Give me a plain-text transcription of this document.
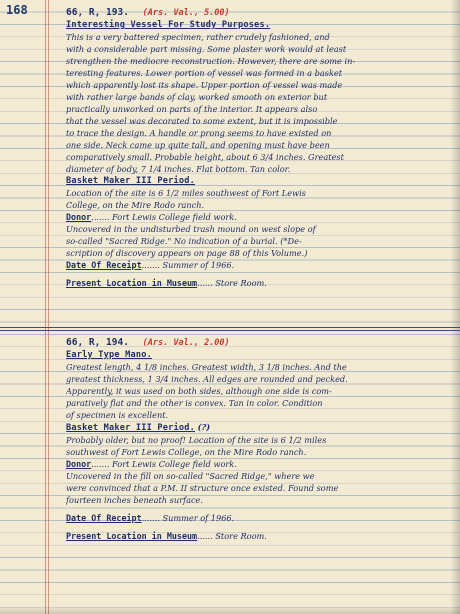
168	66, R, 193. (Ars. Val., 5.00)
Interesting Vessel For Study Purposes.
This is a very battered specimen, rather crudely fashioned, and
with a considerable part missing. Some plaster work would at least
strengthen the mediocre reconstruction. However, there are some in-
teresting features. Lower portion of vessel was formed in a basket
which apparently lost its shape. Upper portion of vessel was made
with rather large bands of clay, worked smooth on exterior but
practically unworked on parts of the interior. It appears also
that the vessel was decorated to some extent, but it is impossible
to trace the design. A handle or prong seems to have existed on
one side. Neck came up quite tall, and opening must have been
comparatively small. Probable height, about 6 3/4 inches. Greatest
diameter of body, 7 1/4 inches. Flat bottom. Tan color.
Basket Maker III Period.
Location of the site is 6 1/2 miles southwest of Fort Lewis
College, on the Mire Rodo ranch.
Donor....... Fort Lewis College field work.
Uncovered in the undisturbed trash mound on west slope of
so-called "Sacred Ridge." No indication of a burial. (*De-
scription of discovery appears on page 88 of this Volume.)
Date Of Receipt....... Summer of 1966.
Present Location in Museum...... Store Room.
66, R, 194. (Ars. Val., 2.00)
Early Type Mano.
Greatest length, 4 1/8 inches. Greatest width, 3 1/8 inches. And the
greatest thickness, 1 3/4 inches. All edges are rounded and pecked.
Apparently, it was used on both sides, although one side is com-
paratively flat and the other is convex. Tan in color. Condition
of specimen is excellent.
Basket Maker III Period. (?)
Probably older, but no proof! Location of the site is 6 1/2 miles
southwest of Fort Lewis College, on the Mire Rodo ranch.
Donor....... Fort Lewis College field work.
Uncovered in the fill on so-called "Sacred Ridge," where we
were convinced that a P.M. II structure once existed. Found some
fourteen inches beneath surface.
Date Of Receipt....... Summer of 1966.
Present Location in Museum...... Store Room.
